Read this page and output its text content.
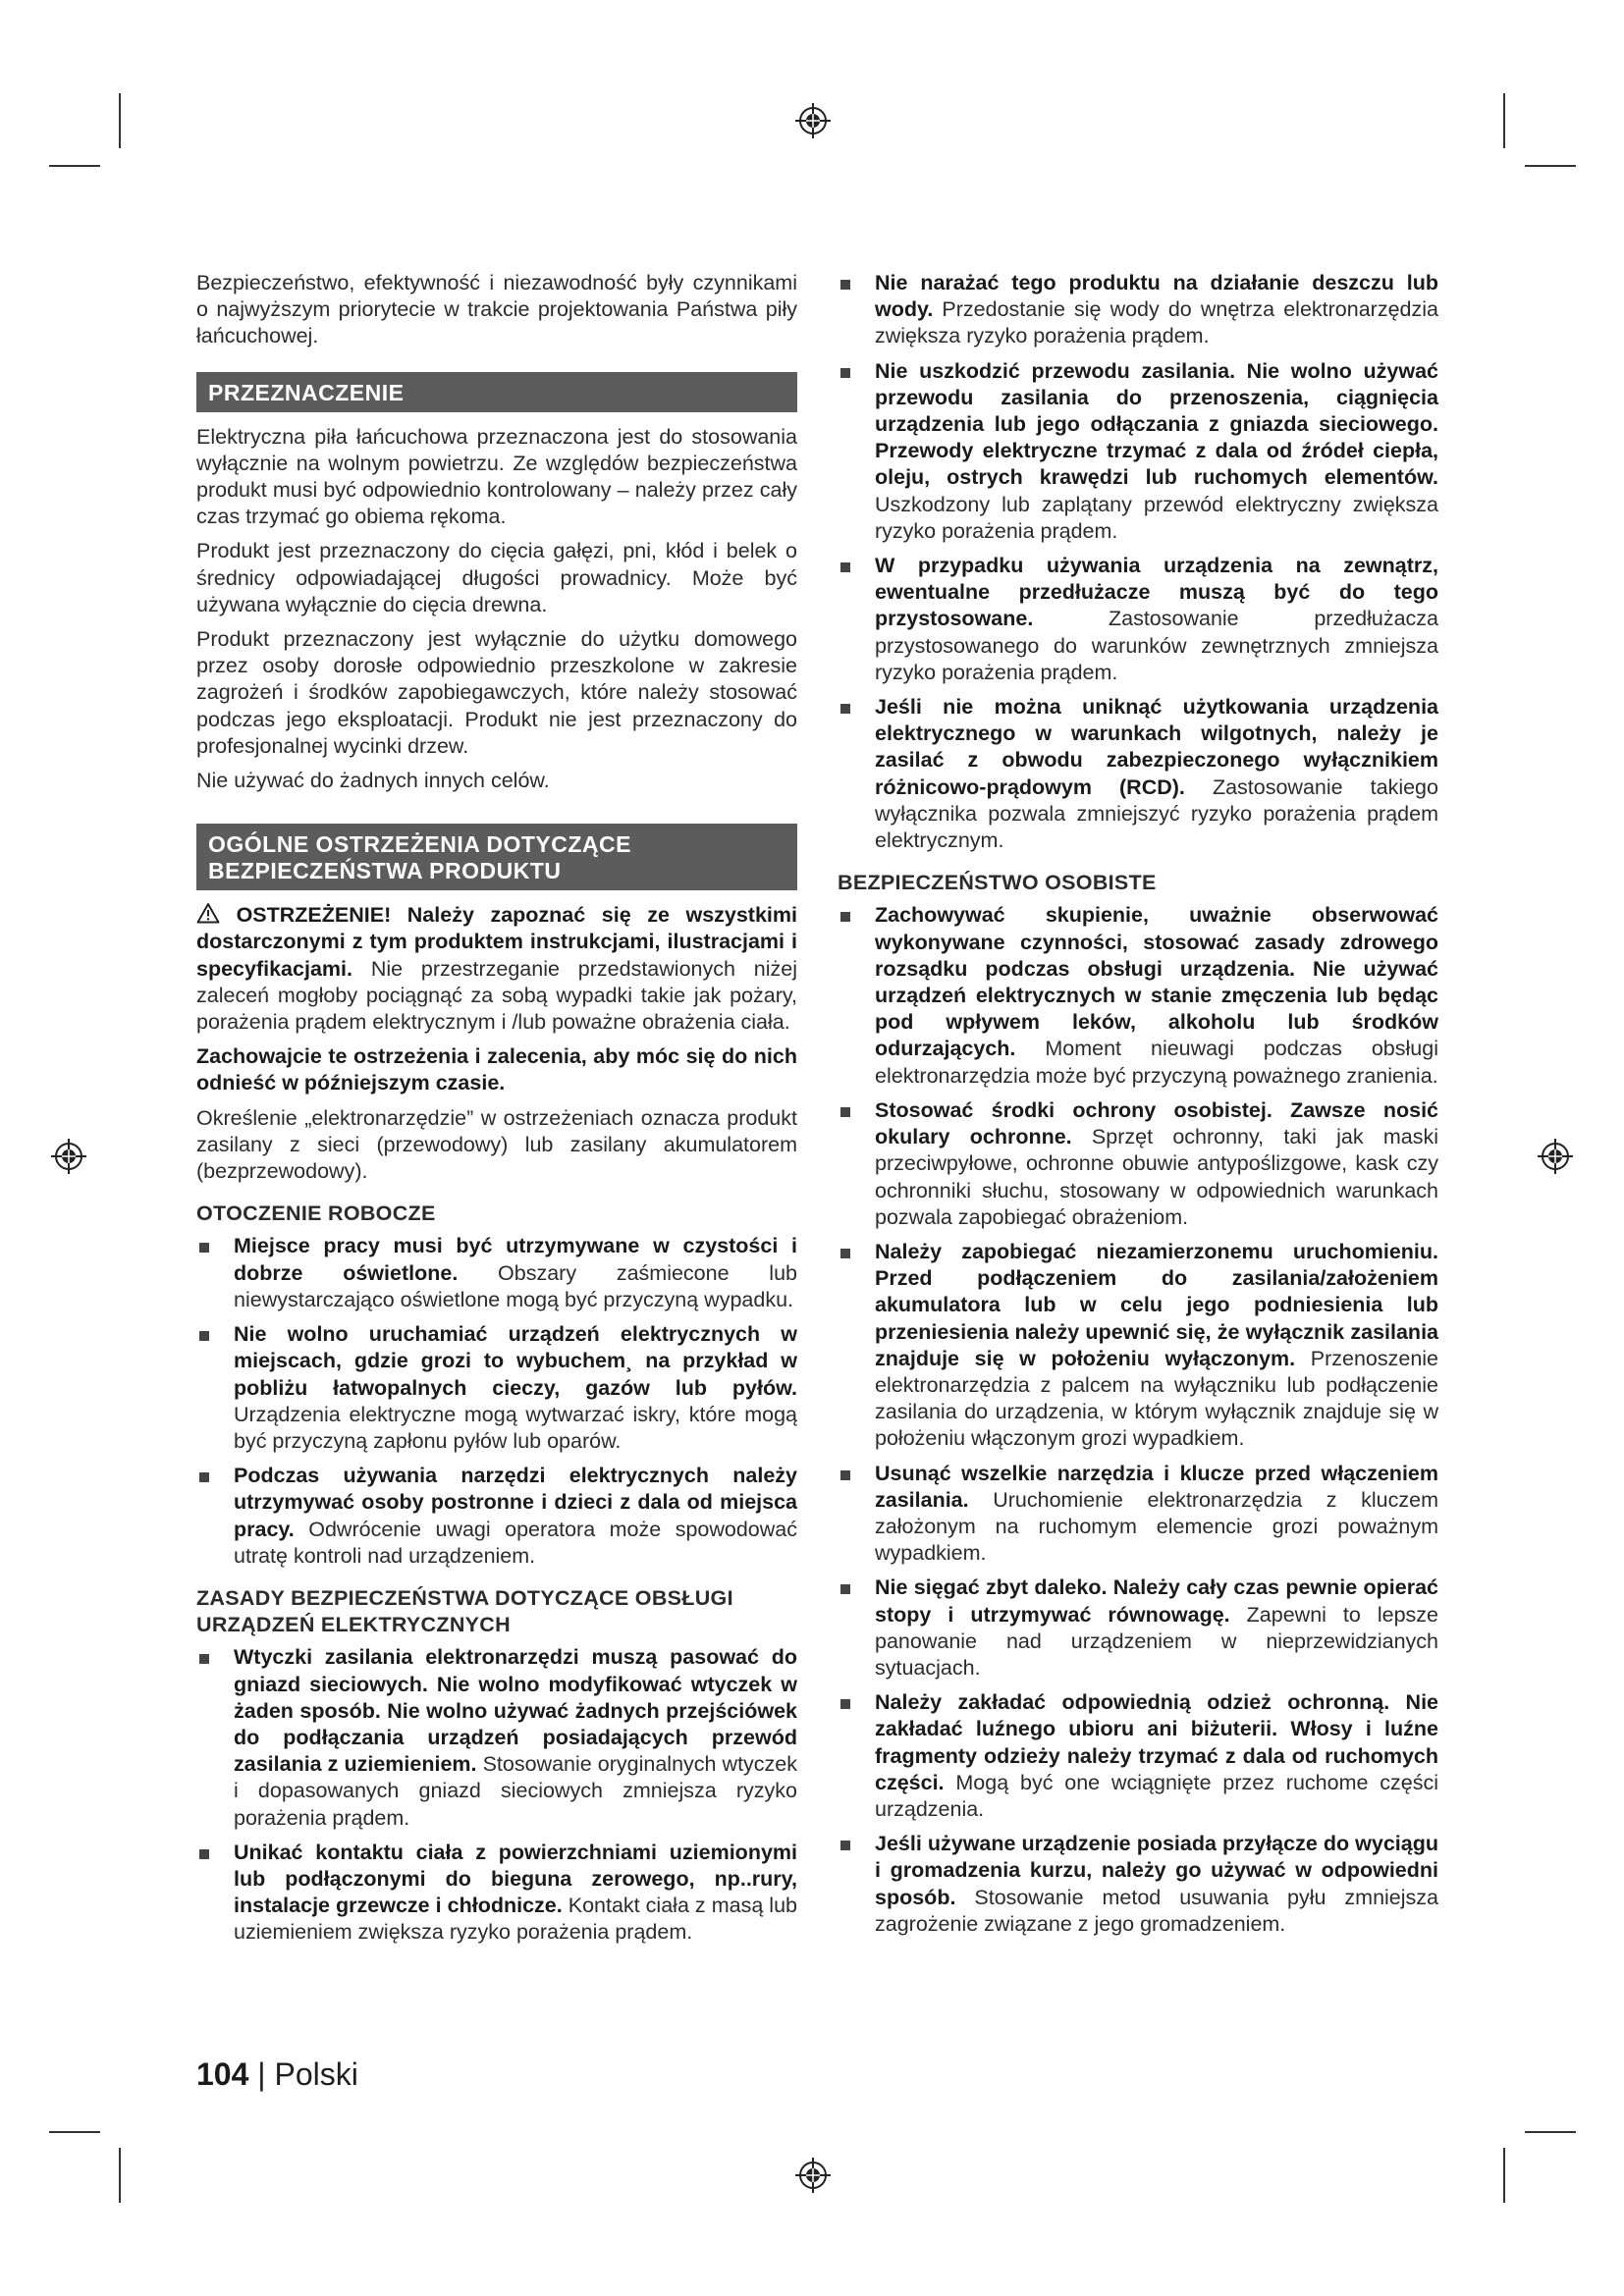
Bezpieczeństwo, efektywność i niezawodność były czynnikami o najwyższym priorytecie w trakcie projektowania Państwa piły łańcuchowej.

PRZEZNACZENIE

Elektryczna piła łańcuchowa przeznaczona jest do stosowania wyłącznie na wolnym powietrzu. Ze względów bezpieczeństwa produkt musi być odpowiednio kontrolowany – należy przez cały czas trzymać go obiema rękoma.

Produkt jest przeznaczony do cięcia gałęzi, pni, kłód i belek o średnicy odpowiadającej długości prowadnicy. Może być używana wyłącznie do cięcia drewna.

Produkt przeznaczony jest wyłącznie do użytku domowego przez osoby dorosłe odpowiednio przeszkolone w zakresie zagrożeń i środków zapobiegawczych, które należy stosować podczas jego eksploatacji. Produkt nie jest przeznaczony do profesjonalnej wycinki drzew.

Nie używać do żadnych innych celów.

OGÓLNE OSTRZEŻENIA DOTYCZĄCE
BEZPIECZEŃSTWA PRODUKTU

OSTRZEŻENIE! Należy zapoznać się ze wszystkimi dostarczonymi z tym produktem instrukcjami, ilustracjami i specyfikacjami. Nie przestrzeganie przedstawionych niżej zaleceń mogłoby pociągnąć za sobą wypadki takie jak pożary, porażenia prądem elektrycznym i /lub poważne obrażenia ciała.

Zachowajcie te ostrzeżenia i zalecenia, aby móc się do nich odnieść w późniejszym czasie.

Określenie „elektronarzędzie” w ostrzeżeniach oznacza produkt zasilany z sieci (przewodowy) lub zasilany akumulatorem (bezprzewodowy).

OTOCZENIE ROBOCZE
Miejsce pracy musi być utrzymywane w czystości i dobrze oświetlone. Obszary zaśmiecone lub niewystarczająco oświetlone mogą być przyczyną wypadku.
Nie wolno uruchamiać urządzeń elektrycznych w miejscach, gdzie grozi to wybuchem¸ na przykład w pobliżu łatwopalnych cieczy, gazów lub pyłów. Urządzenia elektryczne mogą wytwarzać iskry, które mogą być przyczyną zapłonu pyłów lub oparów.
Podczas używania narzędzi elektrycznych należy utrzymywać osoby postronne i dzieci z dala od miejsca pracy. Odwrócenie uwagi operatora może spowodować utratę kontroli nad urządzeniem.
ZASADY BEZPIECZEŃSTWA DOTYCZĄCE OBSŁUGI URZĄDZEŃ ELEKTRYCZNYCH
Wtyczki zasilania elektronarzędzi muszą pasować do gniazd sieciowych. Nie wolno modyfikować wtyczek w żaden sposób. Nie wolno używać żadnych przejściówek do podłączania urządzeń posiadających przewód zasilania z uziemieniem. Stosowanie oryginalnych wtyczek i dopasowanych gniazd sieciowych zmniejsza ryzyko porażenia prądem.
Unikać kontaktu ciała z powierzchniami uziemionymi lub podłączonymi do bieguna zerowego, np..rury, instalacje grzewcze i chłodnicze. Kontakt ciała z masą lub uziemieniem zwiększa ryzyko porażenia prądem.
Nie narażać tego produktu na działanie deszczu lub wody. Przedostanie się wody do wnętrza elektronarzędzia zwiększa ryzyko porażenia prądem.
Nie uszkodzić przewodu zasilania. Nie wolno używać przewodu zasilania do przenoszenia, ciągnięcia urządzenia lub jego odłączania z gniazda sieciowego. Przewody elektryczne trzymać z dala od źródeł ciepła, oleju, ostrych krawędzi lub ruchomych elementów. Uszkodzony lub zaplątany przewód elektryczny zwiększa ryzyko porażenia prądem.
W przypadku używania urządzenia na zewnątrz, ewentualne przedłużacze muszą być do tego przystosowane.	Zastosowanie przedłużacza przystosowanego do warunków zewnętrznych zmniejsza ryzyko porażenia prądem.
Jeśli nie można uniknąć użytkowania urządzenia elektrycznego w warunkach wilgotnych, należy je zasilać z obwodu zabezpieczonego wyłącznikiem różnicowo-prądowym (RCD). Zastosowanie takiego wyłącznika pozwala zmniejszyć ryzyko porażenia prądem elektrycznym.
BEZPIECZEŃSTWO OSOBISTE
Zachowywać skupienie, uważnie obserwować wykonywane czynności, stosować zasady zdrowego rozsądku podczas obsługi urządzenia. Nie używać urządzeń elektrycznych w stanie zmęczenia lub będąc pod wpływem leków, alkoholu lub środków odurzających. Moment nieuwagi podczas obsługi elektronarzędzia może być przyczyną poważnego zranienia.
Stosować środki ochrony osobistej. Zawsze nosić okulary ochronne. Sprzęt ochronny, taki jak maski przeciwpyłowe, ochronne obuwie antypoślizgowe, kask czy ochronniki słuchu, stosowany w odpowiednich warunkach pozwala zapobiegać obrażeniom.
Należy zapobiegać niezamierzonemu uruchomieniu. Przed podłączeniem do zasilania/założeniem akumulatora lub w celu jego podniesienia lub przeniesienia należy upewnić się, że wyłącznik zasilania znajduje się w położeniu wyłączonym. Przenoszenie elektronarzędzia z palcem na wyłączniku lub podłączenie zasilania do urządzenia, w którym wyłącznik znajduje się w położeniu włączonym grozi wypadkiem.
Usunąć wszelkie narzędzia i klucze przed włączeniem zasilania. Uruchomienie elektronarzędzia z kluczem założonym na ruchomym elemencie grozi poważnym wypadkiem.
Nie sięgać zbyt daleko. Należy cały czas pewnie opierać stopy i utrzymywać równowagę. Zapewni to lepsze panowanie nad urządzeniem w nieprzewidzianych sytuacjach.
Należy zakładać odpowiednią odzież ochronną. Nie zakładać luźnego ubioru ani biżuterii. Włosy i luźne fragmenty odzieży należy trzymać z dala od ruchomych części. Mogą być one wciągnięte przez ruchome części urządzenia.
Jeśli używane urządzenie posiada przyłącze do wyciągu i gromadzenia kurzu, należy go używać w odpowiedni sposób. Stosowanie metod usuwania pyłu zmniejsza zagrożenie związane z jego gromadzeniem.
104 | Polski
